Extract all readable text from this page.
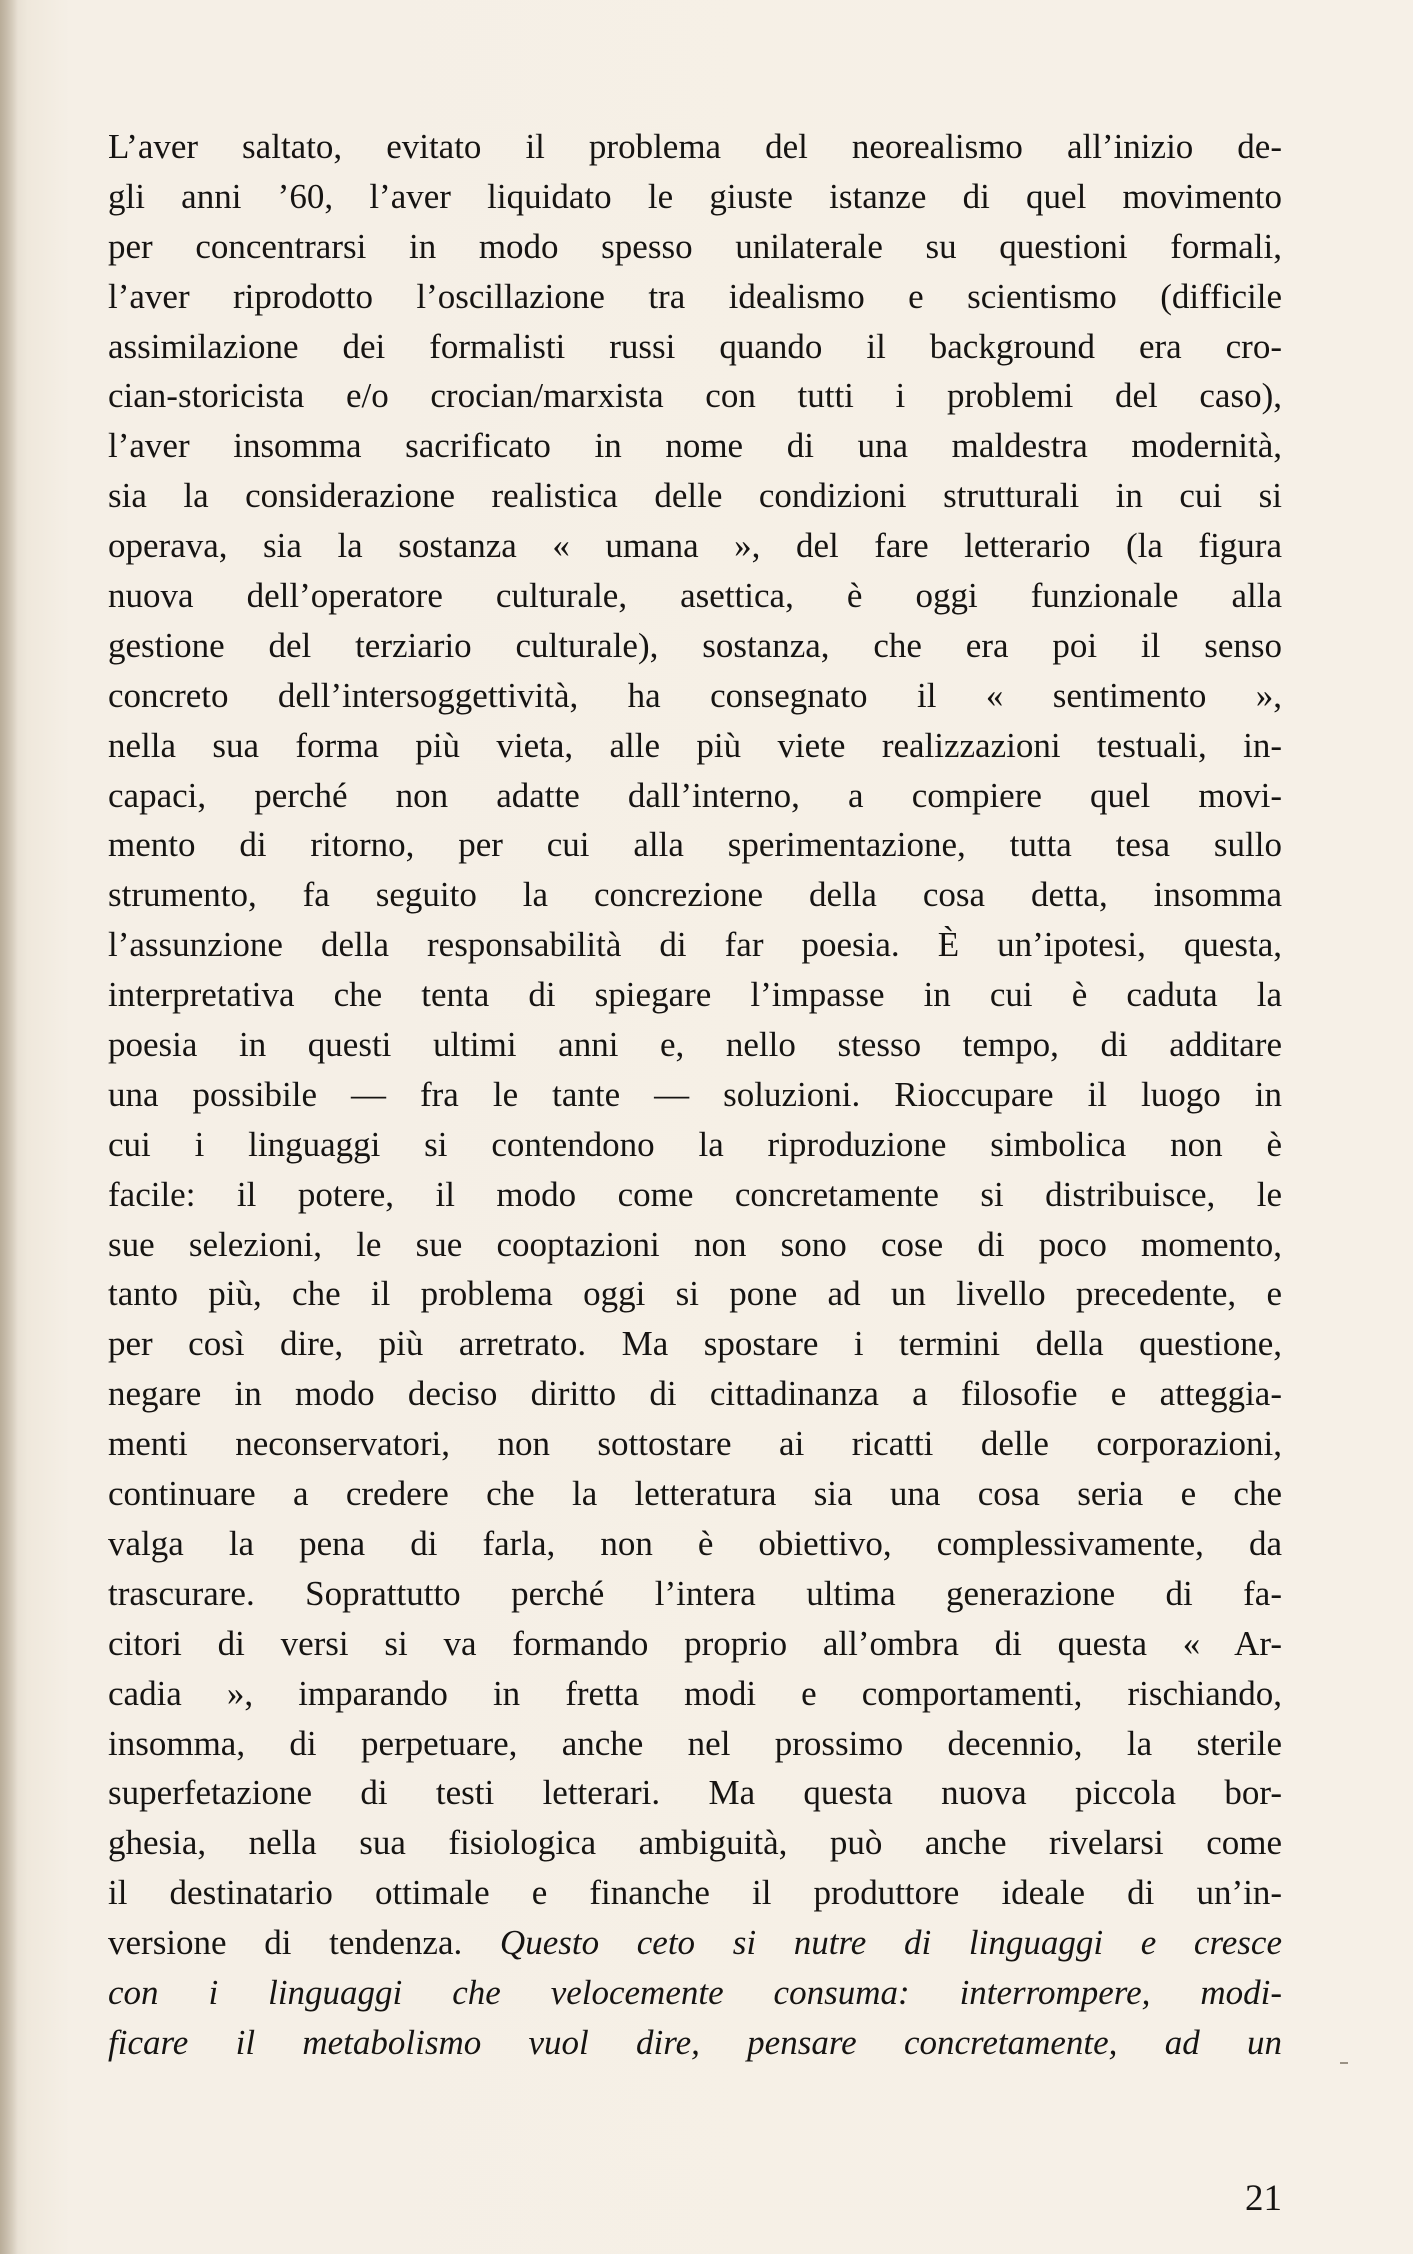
L’aver saltato, evitato il problema del neorealismo all’inizio de-
gli anni ’60, l’aver liquidato le giuste istanze di quel movimento
per concentrarsi in modo spesso unilaterale su questioni formali,
l’aver riprodotto l’oscillazione tra idealismo e scientismo (difficile
assimilazione dei formalisti russi quando il background era cro-
cian-storicista e/o crocian/marxista con tutti i problemi del caso),
l’aver insomma sacrificato in nome di una maldestra modernità,
sia la considerazione realistica delle condizioni strutturali in cui si
operava, sia la sostanza « umana », del fare letterario (la figura
nuova dell’operatore culturale, asettica, è oggi funzionale alla
gestione del terziario culturale), sostanza, che era poi il senso
concreto dell’intersoggettività, ha consegnato il « sentimento »,
nella sua forma più vieta, alle più viete realizzazioni testuali, in-
capaci, perché non adatte dall’interno, a compiere quel movi-
mento di ritorno, per cui alla sperimentazione, tutta tesa sullo
strumento, fa seguito la concrezione della cosa detta, insomma
l’assunzione della responsabilità di far poesia. È un’ipotesi, questa,
interpretativa che tenta di spiegare l’impasse in cui è caduta la
poesia in questi ultimi anni e, nello stesso tempo, di additare
una possibile — fra le tante — soluzioni. Rioccupare il luogo in
cui i linguaggi si contendono la riproduzione simbolica non è
facile: il potere, il modo come concretamente si distribuisce, le
sue selezioni, le sue cooptazioni non sono cose di poco momento,
tanto più, che il problema oggi si pone ad un livello precedente, e
per così dire, più arretrato. Ma spostare i termini della questione,
negare in modo deciso diritto di cittadinanza a filosofie e atteggia-
menti neconservatori, non sottostare ai ricatti delle corporazioni,
continuare a credere che la letteratura sia una cosa seria e che
valga la pena di farla, non è obiettivo, complessivamente, da
trascurare. Soprattutto perché l’intera ultima generazione di fa-
citori di versi si va formando proprio all’ombra di questa « Ar-
cadia », imparando in fretta modi e comportamenti, rischiando,
insomma, di perpetuare, anche nel prossimo decennio, la sterile
superfetazione di testi letterari. Ma questa nuova piccola bor-
ghesia, nella sua fisiologica ambiguità, può anche rivelarsi come
il destinatario ottimale e finanche il produttore ideale di un’in-
versione di tendenza. Questo ceto si nutre di linguaggi e cresce
con i linguaggi che velocemente consuma: interrompere, modi-
ficare il metabolismo vuol dire, pensare concretamente, ad un
21
